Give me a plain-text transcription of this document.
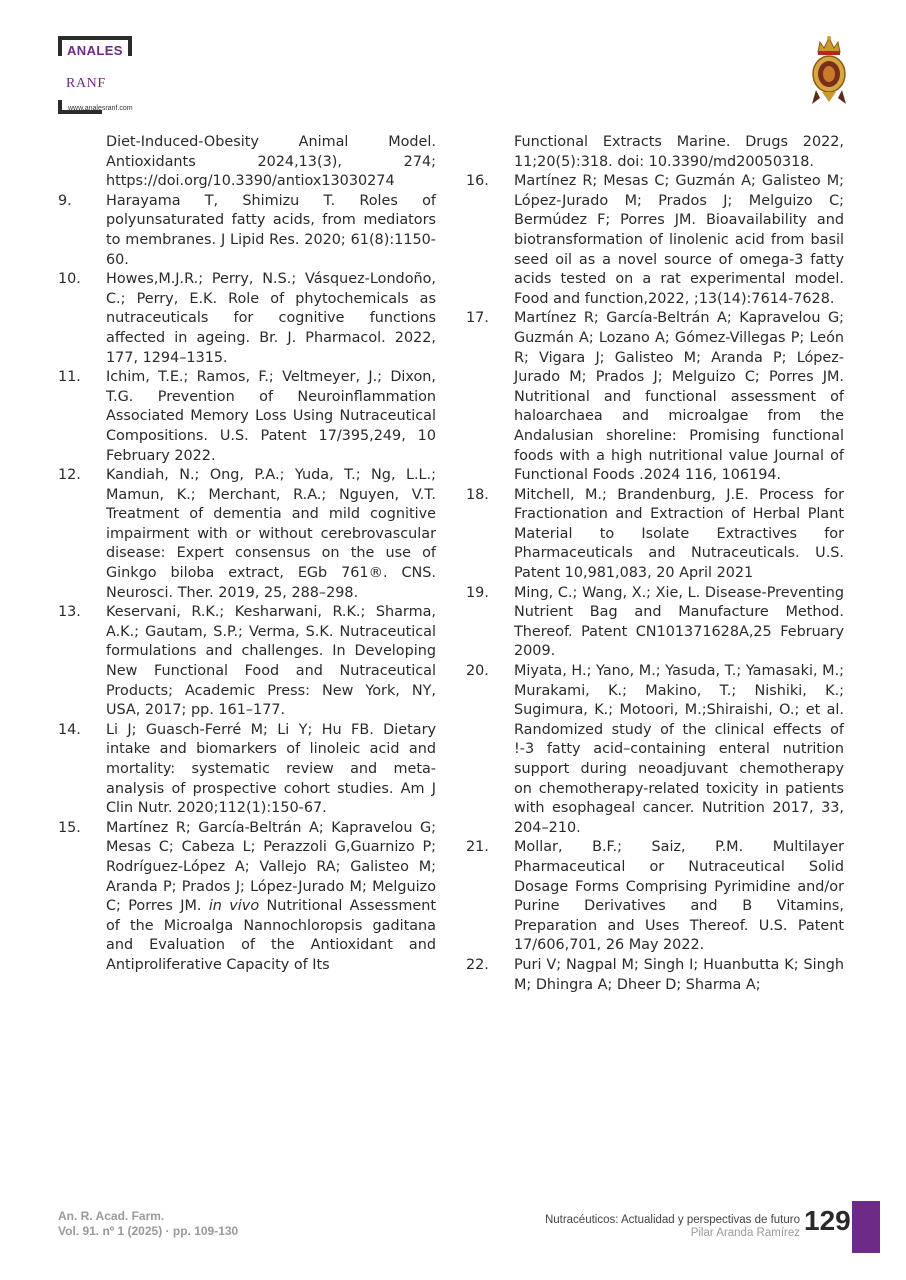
ANALES
RANF
www.analesranf.com
Diet-Induced-Obesity Animal Model. Antioxidants 2024,13(3), 274; https://doi.org/10.3390/antiox13030274
9. Harayama T, Shimizu T. Roles of polyunsaturated fatty acids, from mediators to membranes. J Lipid Res. 2020; 61(8):1150-60.
10. Howes,M.J.R.; Perry, N.S.; Vásquez-Londoño, C.; Perry, E.K. Role of phytochemicals as nutraceuticals for cognitive functions affected in ageing. Br. J. Pharmacol. 2022, 177, 1294–1315.
11. Ichim, T.E.; Ramos, F.; Veltmeyer, J.; Dixon, T.G. Prevention of Neuroinflammation Associated Memory Loss Using Nutraceutical Compositions. U.S. Patent 17/395,249, 10 February 2022.
12. Kandiah, N.; Ong, P.A.; Yuda, T.; Ng, L.L.; Mamun, K.; Merchant, R.A.; Nguyen, V.T. Treatment of dementia and mild cognitive impairment with or without cerebrovascular disease: Expert consensus on the use of Ginkgo biloba extract, EGb 761®. CNS. Neurosci. Ther. 2019, 25, 288–298.
13. Keservani, R.K.; Kesharwani, R.K.; Sharma, A.K.; Gautam, S.P.; Verma, S.K. Nutraceutical formulations and challenges. In Developing New Functional Food and Nutraceutical Products; Academic Press: New York, NY, USA, 2017; pp. 161–177.
14. Li J; Guasch-Ferré M; Li Y; Hu FB. Dietary intake and biomarkers of linoleic acid and mortality: systematic review and meta-analysis of prospective cohort studies. Am J Clin Nutr. 2020;112(1):150-67.
15. Martínez R; García-Beltrán A; Kapravelou G; Mesas C; Cabeza L; Perazzoli G,Guarnizo P; Rodríguez-López A; Vallejo RA; Galisteo M; Aranda P; Prados J; López-Jurado M; Melguizo C; Porres JM. in vivo Nutritional Assessment of the Microalga Nannochloropsis gaditana and Evaluation of the Antioxidant and Antiproliferative Capacity of Its
Functional Extracts Marine. Drugs 2022, 11;20(5):318. doi: 10.3390/md20050318.
16. Martínez R; Mesas C; Guzmán A; Galisteo M; López-Jurado M; Prados J; Melguizo C; Bermúdez F; Porres JM. Bioavailability and biotransformation of linolenic acid from basil seed oil as a novel source of omega-3 fatty acids tested on a rat experimental model. Food and function,2022, ;13(14):7614-7628.
17. Martínez R; García-Beltrán A; Kapravelou G; Guzmán A; Lozano A; Gómez-Villegas P; León R; Vigara J; Galisteo M; Aranda P; López-Jurado M; Prados J; Melguizo C; Porres JM. Nutritional and functional assessment of haloarchaea and microalgae from the Andalusian shoreline: Promising functional foods with a high nutritional value Journal of Functional Foods .2024 116, 106194.
18. Mitchell, M.; Brandenburg, J.E. Process for Fractionation and Extraction of Herbal Plant Material to Isolate Extractives for Pharmaceuticals and Nutraceuticals. U.S. Patent 10,981,083, 20 April 2021
19. Ming, C.; Wang, X.; Xie, L. Disease-Preventing Nutrient Bag and Manufacture Method. Thereof. Patent CN101371628A,25 February 2009.
20. Miyata, H.; Yano, M.; Yasuda, T.; Yamasaki, M.; Murakami, K.; Makino, T.; Nishiki, K.; Sugimura, K.; Motoori, M.;Shiraishi, O.; et al. Randomized study of the clinical effects of !-3 fatty acid–containing enteral nutrition support during neoadjuvant chemotherapy on chemotherapy-related toxicity in patients with esophageal cancer. Nutrition 2017, 33, 204–210.
21. Mollar, B.F.; Saiz, P.M. Multilayer Pharmaceutical or Nutraceutical Solid Dosage Forms Comprising Pyrimidine and/or Purine Derivatives and B Vitamins, Preparation and Uses Thereof. U.S. Patent 17/606,701, 26 May 2022.
22. Puri V; Nagpal M; Singh I; Huanbutta K; Singh M; Dhingra A; Dheer D; Sharma A;
An. R. Acad. Farm.
Vol. 91. nº 1 (2025) · pp. 109-130
Nutracéuticos: Actualidad y perspectivas de futuro
Pilar Aranda Ramírez 129
